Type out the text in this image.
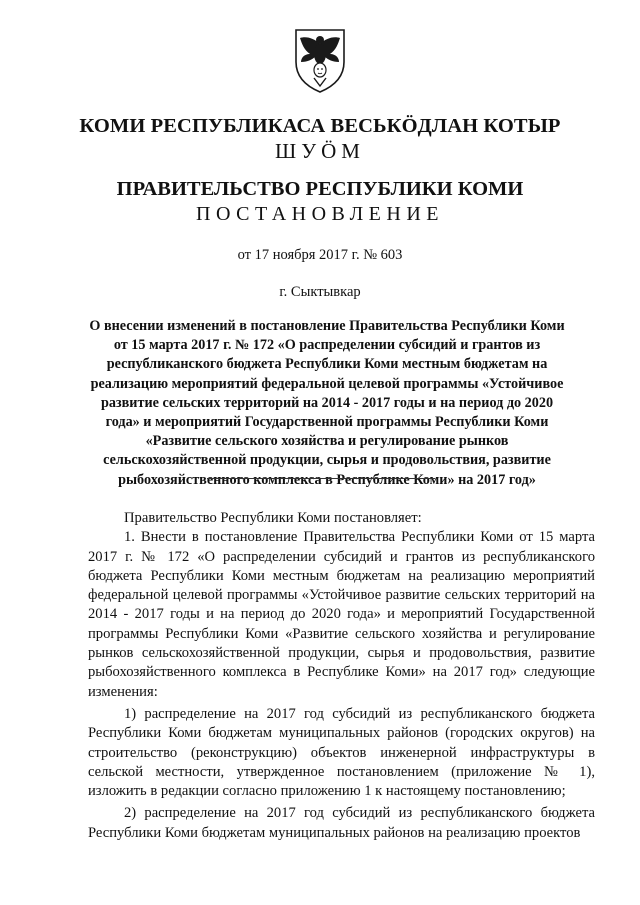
КОМИ РЕСПУБЛИКАСА ВЕСЬКӦДЛАН КОТЫР
ШУӦМ
ПРАВИТЕЛЬСТВО РЕСПУБЛИКИ КОМИ
ПОСТАНОВЛЕНИЕ
от 17 ноября 2017 г. № 603
г. Сыктывкар
О внесении изменений в постановление Правительства Республики Коми от 15 марта 2017 г. № 172 «О распределении субсидий и грантов из республиканского бюджета Республики Коми местным бюджетам на реализацию мероприятий федеральной целевой программы «Устойчивое развитие сельских территорий на 2014 - 2017 годы и на период до 2020 года» и мероприятий Государственной программы Республики Коми «Развитие сельского хозяйства и регулирование рынков сельскохозяйственной продукции, сырья и продовольствия, развитие рыбохозяйственного комплекса в Республике Коми» на 2017 год»

Правительство Республики Коми постановляет:

1. Внести в постановление Правительства Республики Коми от 15 марта 2017 г. № 172 «О распределении субсидий и грантов из республиканского бюджета Республики Коми местным бюджетам на реализацию мероприятий федеральной целевой программы «Устойчивое развитие сельских территорий на 2014 - 2017 годы и на период до 2020 года» и мероприятий Государственной программы Республики Коми «Развитие сельского хозяйства и регулирование рынков сельскохозяйственной продукции, сырья и продовольствия, развитие рыбохозяйственного комплекса в Республике Коми» на 2017 год» следующие изменения:

1) распределение на 2017 год субсидий из республиканского бюджета Республики Коми бюджетам муниципальных районов (городских округов) на строительство (реконструкцию) объектов инженерной инфраструктуры в сельской местности, утвержденное постановлением (приложение № 1), изложить в редакции согласно приложению 1 к настоящему постановлению;

2) распределение на 2017 год субсидий из республиканского бюджета Республики Коми бюджетам муниципальных районов на реализацию проектов
